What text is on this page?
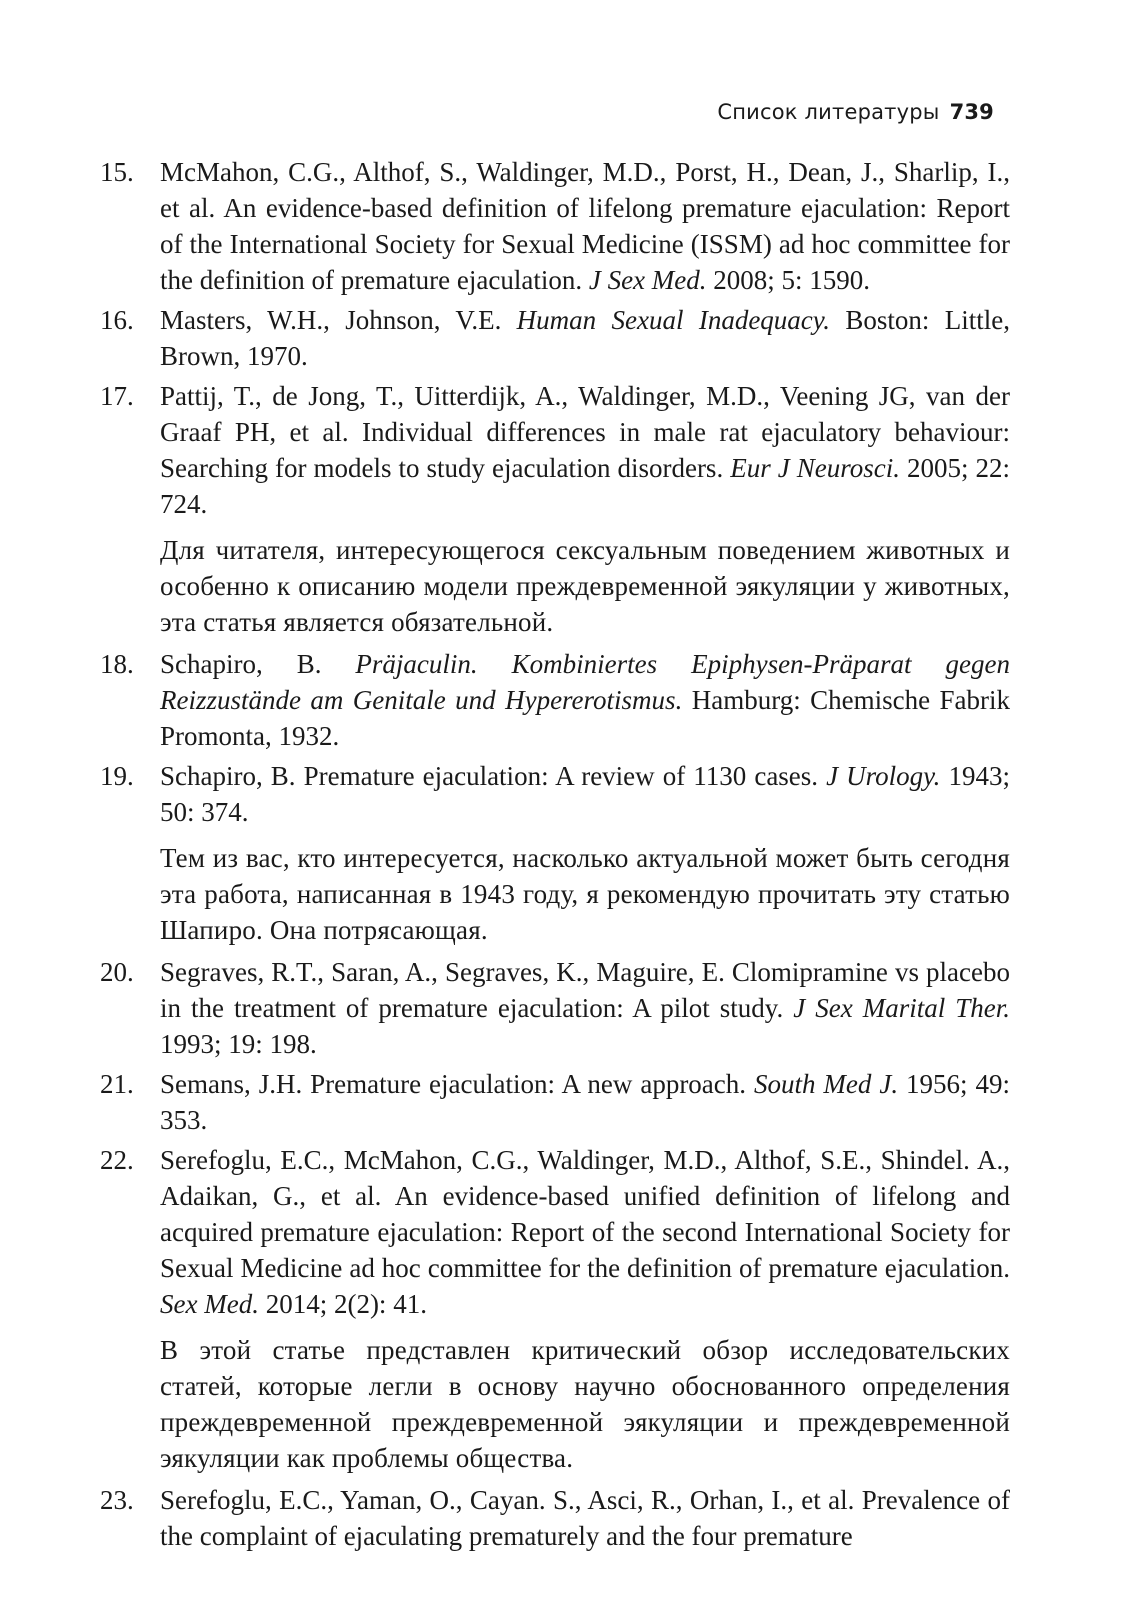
Список литературы 739
15. McMahon, C.G., Althof, S., Waldinger, M.D., Porst, H., Dean, J., Sharlip, I., et al. An evidence-based definition of lifelong premature ejaculation: Report of the International Society for Sexual Medicine (ISSM) ad hoc committee for the definition of premature ejaculation. J Sex Med. 2008; 5: 1590.
16. Masters, W.H., Johnson, V.E. Human Sexual Inadequacy. Boston: Little, Brown, 1970.
17. Pattij, T., de Jong, T., Uitterdijk, A., Waldinger, M.D., Veening JG, van der Graaf PH, et al. Individual differences in male rat ejaculatory behaviour: Searching for models to study ejaculation disorders. Eur J Neurosci. 2005; 22: 724.
Для читателя, интересующегося сексуальным поведением животных и особенно к описанию модели преждевременной эякуляции у животных, эта статья является обязательной.
18. Schapiro, B. Präjaculin. Kombiniertes Epiphysen-Präparat gegen Reizzustände am Genitale und Hypererotismus. Hamburg: Chemische Fabrik Promonta, 1932.
19. Schapiro, B. Premature ejaculation: A review of 1130 cases. J Urology. 1943; 50: 374.
Тем из вас, кто интересуется, насколько актуальной может быть сегодня эта работа, написанная в 1943 году, я рекомендую прочитать эту статью Шапиро. Она потрясающая.
20. Segraves, R.T., Saran, A., Segraves, K., Maguire, E. Clomipramine vs placebo in the treatment of premature ejaculation: A pilot study. J Sex Marital Ther. 1993; 19: 198.
21. Semans, J.H. Premature ejaculation: A new approach. South Med J. 1956; 49: 353.
22. Serefoglu, E.C., McMahon, C.G., Waldinger, M.D., Althof, S.E., Shindel. A., Adaikan, G., et al. An evidence-based unified definition of lifelong and acquired premature ejaculation: Report of the second International Society for Sexual Medicine ad hoc committee for the definition of premature ejaculation. Sex Med. 2014; 2(2): 41.
В этой статье представлен критический обзор исследовательских статей, которые легли в основу научно обоснованного определения преждевременной преждевременной эякуляции и преждевременной эякуляции как проблемы общества.
23. Serefoglu, E.C., Yaman, O., Cayan. S., Asci, R., Orhan, I., et al. Prevalence of the complaint of ejaculating prematurely and the four premature
